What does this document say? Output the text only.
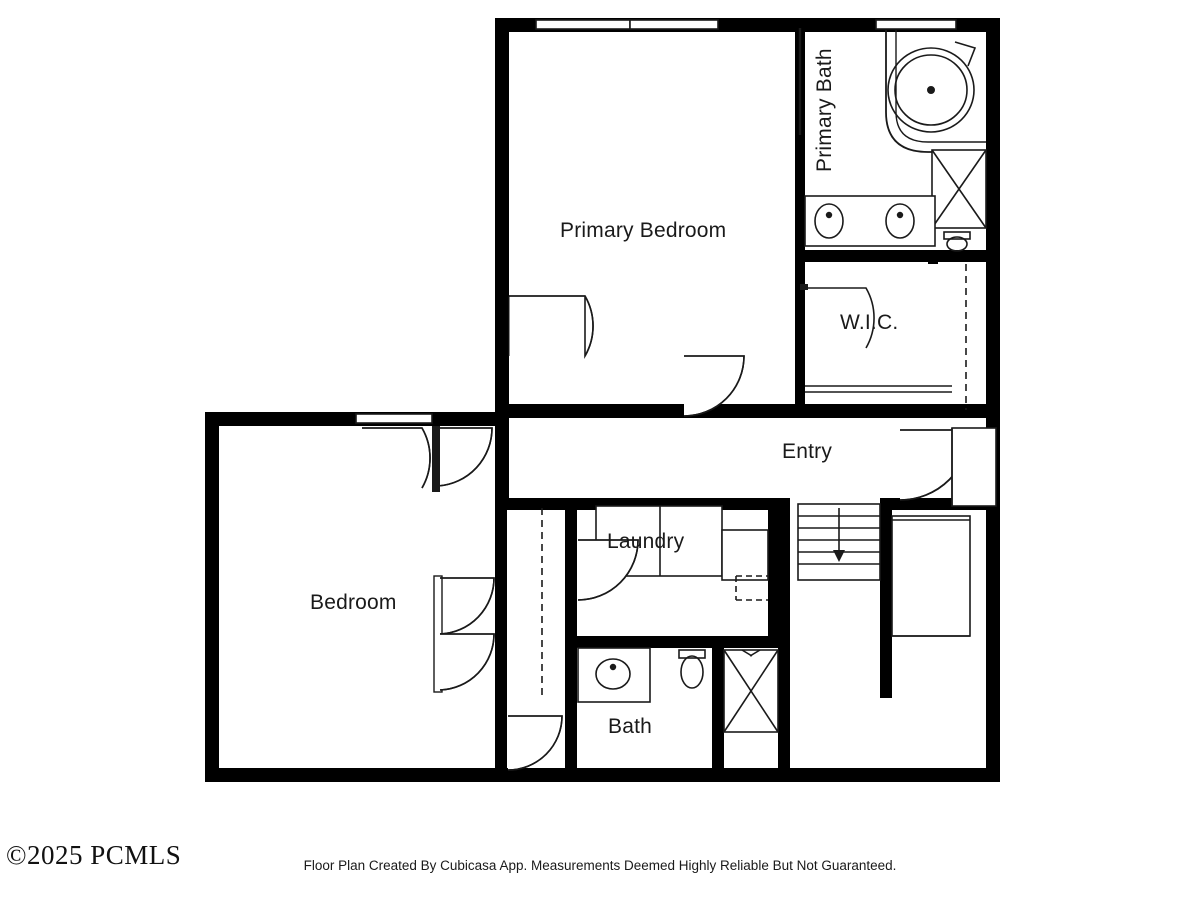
Primary Bedroom
Primary Bath
W.I.C.
Entry
Laundry
Bedroom
Bath
©2025 PCMLS	Floor Plan Created By Cubicasa App. Measurements Deemed Highly Reliable But Not Guaranteed.
